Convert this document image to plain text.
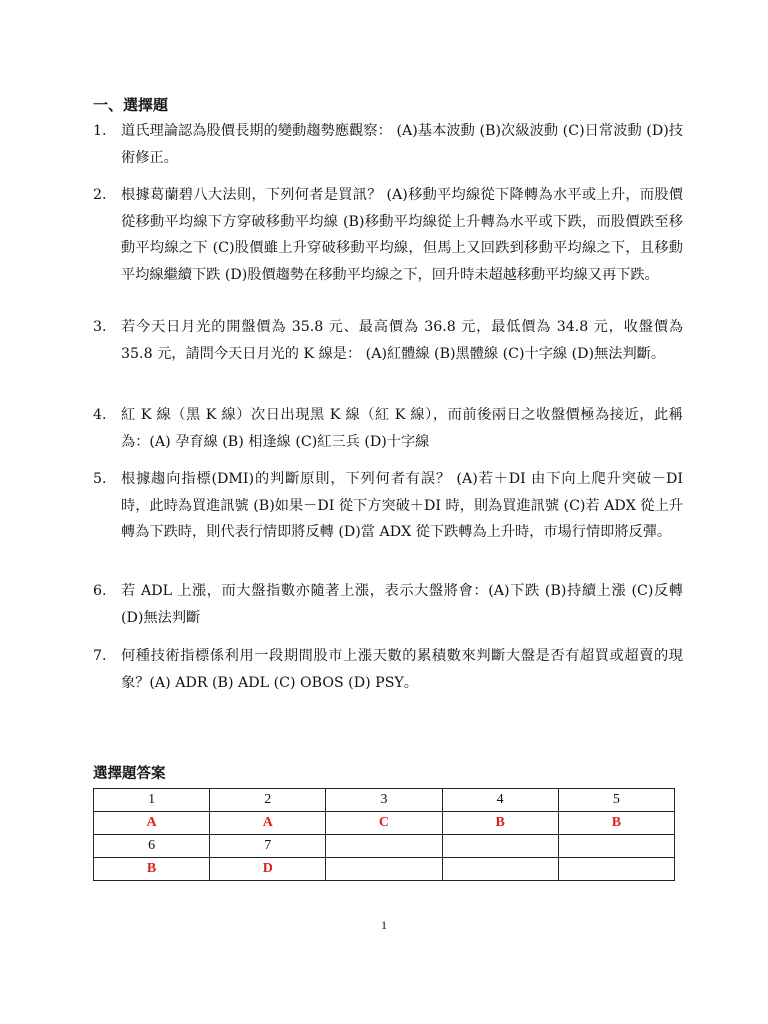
一、選擇題
1.	道氏理論認為股價長期的變動趨勢應觀察： (A)基本波動 (B)次級波動 (C)日常波動 (D)技術修正。
2.	根據葛蘭碧八大法則，下列何者是買訊？ (A)移動平均線從下降轉為水平或上升，而股價從移動平均線下方穿破移動平均線 (B)移動平均線從上升轉為水平或下跌，而股價跌至移動平均線之下 (C)股價雖上升穿破移動平均線，但馬上又回跌到移動平均線之下，且移動平均線繼續下跌 (D)股價趨勢在移動平均線之下，回升時未超越移動平均線又再下跌。
3.	若今天日月光的開盤價為 35.8 元、最高價為 36.8 元，最低價為 34.8 元，收盤價為 35.8 元，請問今天日月光的 K 線是： (A)紅體線 (B)黑體線 (C)十字線 (D)無法判斷。
4.	紅 K 線（黑 K 線）次日出現黑 K 線（紅 K 線），而前後兩日之收盤價極為接近，此稱為：(A) 孕育線 (B) 相逢線 (C)紅三兵 (D)十字線
5.	根據趨向指標(DMI)的判斷原則，下列何者有誤？ (A)若＋DI 由下向上爬升突破－DI 時，此時為買進訊號 (B)如果－DI 從下方突破＋DI 時，則為買進訊號 (C)若 ADX 從上升轉為下跌時，則代表行情即將反轉 (D)當 ADX 從下跌轉為上升時，市場行情即將反彈。
6.	若 ADL 上漲，而大盤指數亦隨著上漲，表示大盤將會：(A)下跌 (B)持續上漲 (C)反轉 (D)無法判斷
7.	何種技術指標係利用一段期間股市上漲天數的累積數來判斷大盤是否有超買或超賣的現象？(A) ADR (B) ADL (C) OBOS (D) PSY。
選擇題答案
1	2	3	4	5
A	A	C	B	B
6	7			
B	D			
1
